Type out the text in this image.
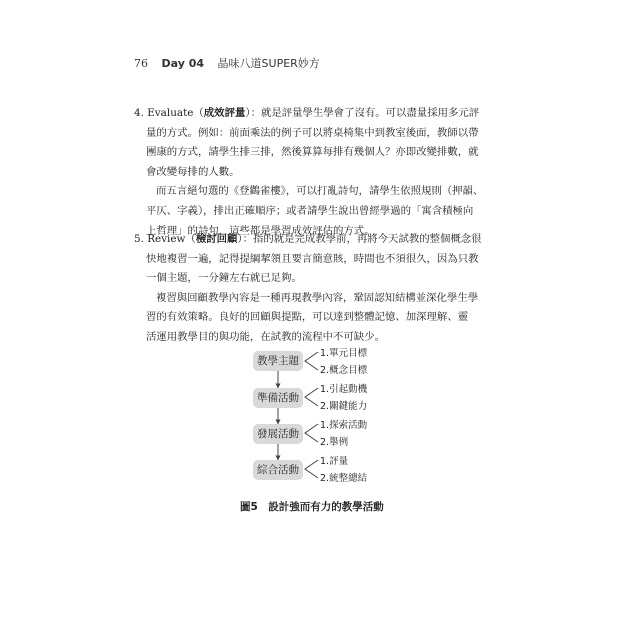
76 Day 04 晶味八道SUPER妙方
4. Evaluate（成效評量）：就是評量學生學會了沒有。可以盡量採用多元評
量的方式。例如：前面乘法的例子可以將桌椅集中到教室後面，教師以帶
團康的方式，請學生排三排，然後算算每排有幾個人？亦即改變排數，就
會改變每排的人數。
而五言絕句選的《登鸛雀樓》，可以打亂詩句，請學生依照規則（押韻、
平仄、字義），排出正確順序；或者請學生說出曾經學過的「寓含積極向
上哲理」的詩句，這些都是學習成效評估的方式。
5. Review（檢討回顧）：指的就是完成教學前，再將今天試教的整個概念很
快地複習一遍，記得提綱挈領且要言簡意賅，時間也不須很久，因為只教
一個主題，一分鐘左右就已足夠。
複習與回顧教學內容是一種再現教學內容，鞏固認知結構並深化學生學
習的有效策略。良好的回顧與提點，可以達到整體記憶、加深理解、靈
活運用教學目的與功能，在試教的流程中不可缺少。
教學主題
1.單元目標
2.概念目標
準備活動
1.引起動機
2.關鍵能力
發展活動
1.探索活動
2.舉例
綜合活動
1.評量
2.統整總結
圖5　設計強而有力的教學活動
